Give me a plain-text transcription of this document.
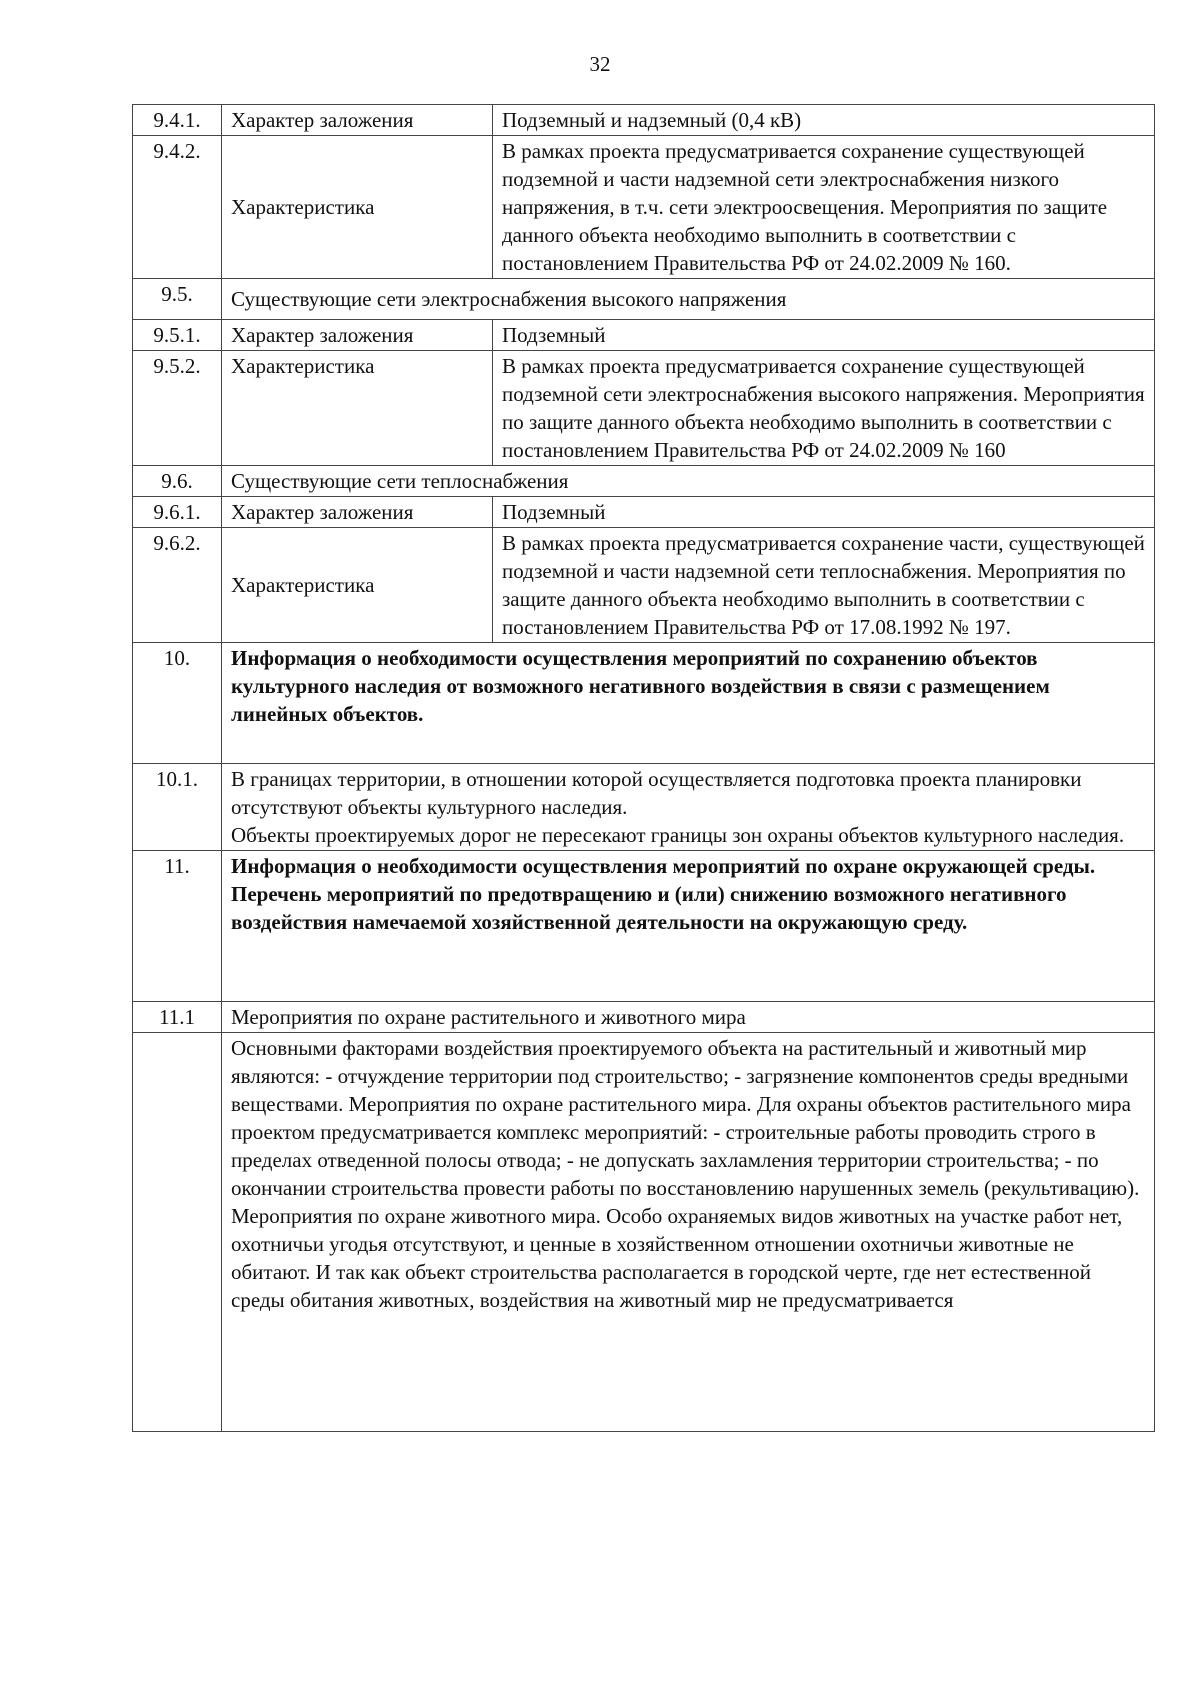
32
9.4.1.	Характер заложения	Подземный и надземный (0,4 кВ)
9.4.2.	Характеристика	В рамках проекта предусматривается сохранение существующей подземной и части надземной сети электроснабжения низкого напряжения, в т.ч. сети электроосвещения. Мероприятия по защите данного объекта необходимо выполнить в соответствии с постановлением Правительства РФ от 24.02.2009 № 160.
9.5.	Существующие сети электроснабжения высокого напряжения	
9.5.1.	Характер заложения	Подземный
9.5.2.	Характеристика	В рамках проекта предусматривается сохранение существующей подземной сети электроснабжения высокого напряжения. Мероприятия по защите данного объекта необходимо выполнить в соответствии с постановлением Правительства РФ от 24.02.2009 № 160
9.6.	Существующие сети теплоснабжения	
9.6.1.	Характер заложения	Подземный
9.6.2.	Характеристика	В рамках проекта предусматривается сохранение части, существующей подземной и части надземной сети теплоснабжения. Мероприятия по защите данного объекта необходимо выполнить в соответствии с постановлением Правительства РФ от 17.08.1992 № 197.
10.	Информация о необходимости осуществления мероприятий по сохранению объектов культурного наследия от возможного негативного воздействия в связи с размещением линейных объектов.	
10.1.	В границах территории, в отношении которой осуществляется подготовка проекта планировки отсутствуют объекты культурного наследия.
Объекты проектируемых дорог не пересекают границы зон охраны объектов культурного наследия.	
11.	Информация о необходимости осуществления мероприятий по охране окружающей среды. Перечень мероприятий по предотвращению и (или) снижению возможного негативного воздействия намечаемой хозяйственной деятельности на окружающую среду.	
11.1	Мероприятия по охране растительного и животного мира	
	Основными факторами воздействия проектируемого объекта на растительный и животный мир являются: - отчуждение территории под строительство; - загрязнение компонентов среды вредными веществами. Мероприятия по охране растительного мира. Для охраны объектов растительного мира проектом предусматривается комплекс мероприятий: - строительные работы проводить строго в пределах отведенной полосы отвода; - не допускать захламления территории строительства; - по окончании строительства провести работы по восстановлению нарушенных земель (рекультивацию). Мероприятия по охране животного мира. Особо охраняемых видов животных на участке работ нет, охотничьи угодья отсутствуют, и ценные в хозяйственном отношении охотничьи животные не обитают. И так как объект строительства располагается в городской черте, где нет естественной среды обитания животных, воздействия на животный мир не предусматривается	
